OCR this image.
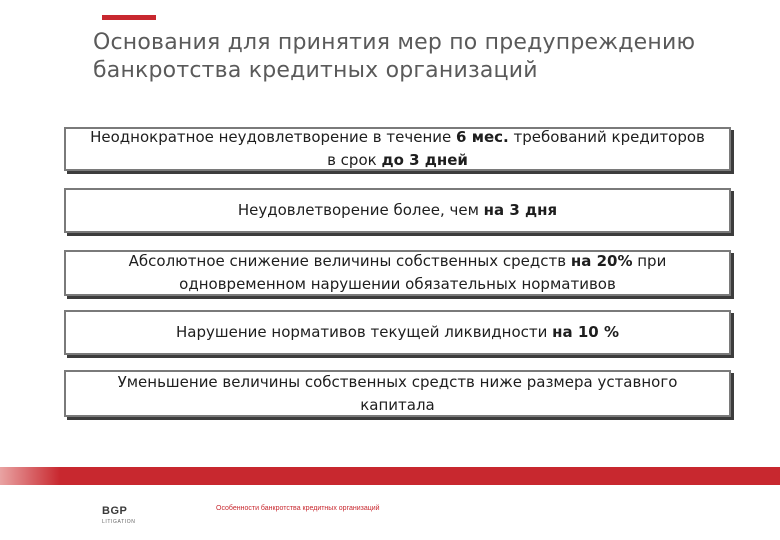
Основания для принятия мер по предупреждению
банкротства кредитных организаций
Неоднократное неудовлетворение в течение 6 мес. требований кредиторов
в срок до 3 дней
Неудовлетворение более, чем на 3 дня
Абсолютное снижение величины собственных средств на 20% при
одновременном нарушении обязательных нормативов
Нарушение нормативов текущей ликвидности на 10 %
Уменьшение величины собственных средств ниже размера уставного
капитала
BGP
LITIGATION
Особенности банкротства кредитных организаций
